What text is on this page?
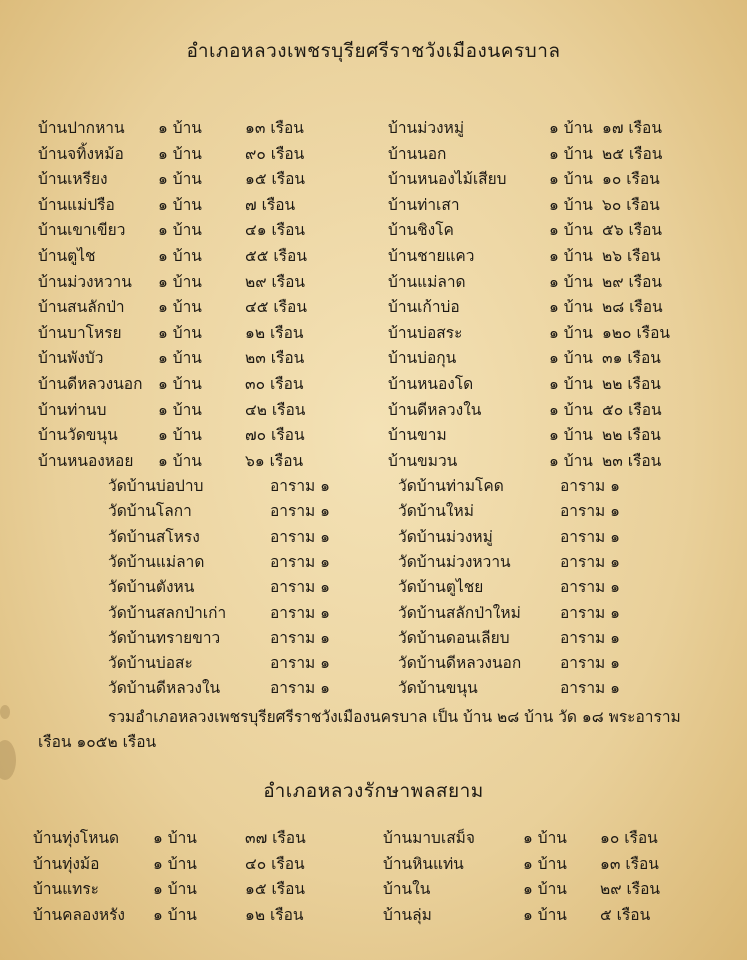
อำเภอหลวงเพชรบุรียศรีราชวังเมืองนครบาล
อำเภอหลวงรักษาพลสยาม
บ้านปากหาน ๑ บ้าน	๑๓ เรือน
บ้านจทิ้งหม้อ ๑ บ้าน	๙๐ เรือน
บ้านเหรียง	๑ บ้าน	๑๕ เรือน
บ้านแม่ปรือ	๑ บ้าน	๗ เรือน
บ้านเขาเขียว ๑ บ้าน	๔๑ เรือน
บ้านตูไช	๑ บ้าน	๕๕ เรือน
บ้านม่วงหวาน ๑ บ้าน	๒๙ เรือน
บ้านสนลักป่า ๑ บ้าน	๔๕ เรือน
บ้านบาโหรย ๑ บ้าน	๑๒ เรือน
บ้านพังบัว	๑ บ้าน	๒๓ เรือน
บ้านดีหลวงนอก ๑ บ้าน	๓๐ เรือน
บ้านท่านบ	๑ บ้าน	๔๒ เรือน
บ้านวัดขนุน	๑ บ้าน	๗๐ เรือน
บ้านหนองหอย ๑ บ้าน	๖๑ เรือน
บ้านม่วงหมู่	๑ บ้าน ๑๗ เรือน
บ้านนอก	๑ บ้าน ๒๕ เรือน
บ้านหนองไม้เสียบ	๑ บ้าน ๑๐ เรือน
บ้านท่าเสา	๑ บ้าน ๖๐ เรือน
บ้านชิงโค	๑ บ้าน ๕๖ เรือน
บ้านชายแคว	๑ บ้าน ๒๖ เรือน
บ้านแม่ลาด	๑ บ้าน ๒๙ เรือน
บ้านเก้าบ่อ	๑ บ้าน ๒๘ เรือน
บ้านบ่อสระ	๑ บ้าน ๑๒๐ เรือน
บ้านบ่อกุน	๑ บ้าน ๓๑ เรือน
บ้านหนองโด	๑ บ้าน ๒๒ เรือน
บ้านดีหลวงใน	๑ บ้าน ๕๐ เรือน
บ้านขาม	๑ บ้าน ๒๒ เรือน
บ้านขมวน	๑ บ้าน ๒๓ เรือน
วัดบ้านบ่อปาบ	อาราม ๑
วัดบ้านโลกา	อาราม ๑
วัดบ้านสโหรง	อาราม ๑
วัดบ้านแม่ลาด	อาราม ๑
วัดบ้านตังหน	อาราม ๑
วัดบ้านสลกป่าเก่า	อาราม ๑
วัดบ้านทรายขาว	อาราม ๑
วัดบ้านบ่อสะ	อาราม ๑
วัดบ้านดีหลวงใน	อาราม ๑
วัดบ้านท่ามโคด	อาราม ๑
วัดบ้านใหม่	อาราม ๑
วัดบ้านม่วงหมู่	อาราม ๑
วัดบ้านม่วงหวาน	อาราม ๑
วัดบ้านตูไชย	อาราม ๑
วัดบ้านสลักป่าใหม่	อาราม ๑
วัดบ้านดอนเลียบ	อาราม ๑
วัดบ้านดีหลวงนอก อาราม ๑
วัดบ้านขนุน	อาราม ๑
บ้านทุ่งโหนด ๑ บ้าน	๓๗ เรือน
บ้านทุ่งม้อ	๑ บ้าน	๔๐ เรือน
บ้านแทระ	๑ บ้าน	๑๕ เรือน
บ้านคลองหรัง ๑ บ้าน	๑๒ เรือน
บ้านมาบเสม็จ	๑ บ้าน ๑๐ เรือน
บ้านหินแท่น	๑ บ้าน ๑๓ เรือน
บ้านใน	๑ บ้าน ๒๙ เรือน
บ้านลุ่ม	๑ บ้าน ๕ เรือน
รวมอำเภอหลวงเพชรบุรียศรีราชวังเมืองนครบาล เป็น บ้าน ๒๘ บ้าน วัด ๑๘ พระอาราม
เรือน ๑๐๕๒ เรือน
